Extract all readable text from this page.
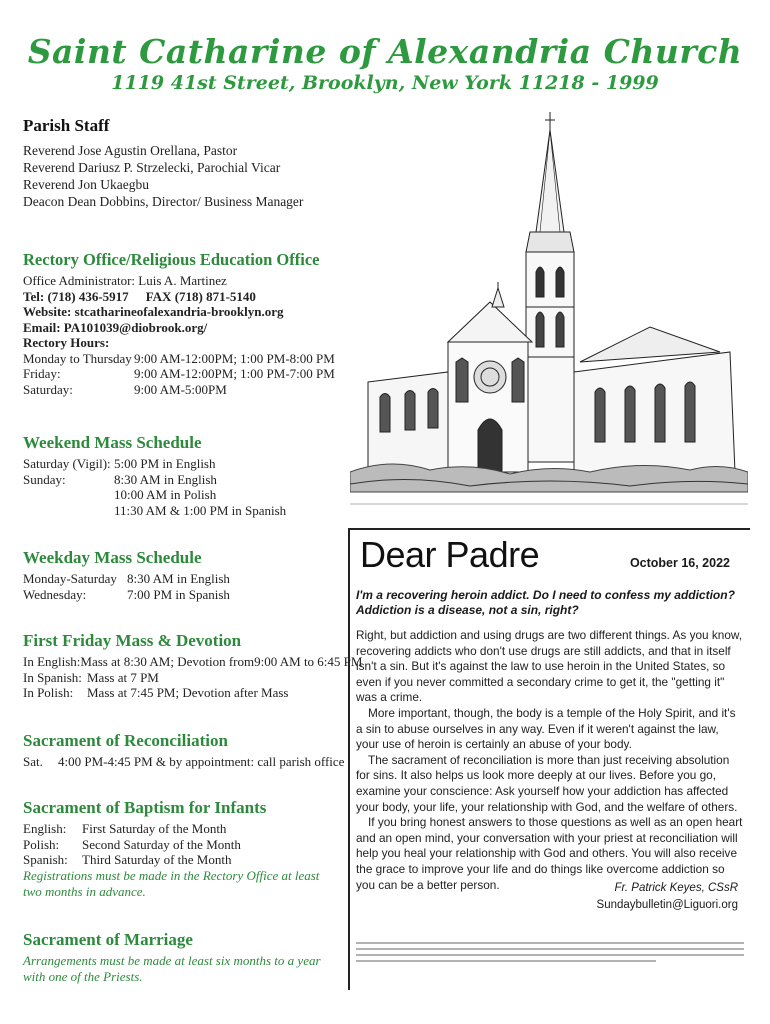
Saint Catharine of Alexandria Church
1119 41st Street, Brooklyn, New York 11218 - 1999
Parish Staff
Reverend Jose Agustin Orellana, Pastor
Reverend Dariusz P. Strzelecki, Parochial Vicar
Reverend Jon Ukaegbu
Deacon Dean Dobbins, Director/ Business Manager
Rectory Office/Religious Education Office
Office Administrator: Luis A. Martinez
Tel: (718) 436-5917 FAX (718) 871-5140
Website: stcatharineofalexandria-brooklyn.org
Email: PA101039@diobrook.org/
Rectory Hours:
Monday to Thursday 9:00 AM-12:00PM; 1:00 PM-8:00 PM
Friday:	9:00 AM-12:00PM; 1:00 PM-7:00 PM
Saturday:	9:00 AM-5:00PM
Weekend Mass Schedule
Saturday (Vigil): 5:00 PM in English
Sunday:	8:30 AM in English
10:00 AM in Polish
11:30 AM & 1:00 PM in Spanish
Weekday Mass Schedule
Monday-Saturday 8:30 AM in English
Wednesday:	7:00 PM in Spanish
First Friday Mass & Devotion
In English: Mass at 8:30 AM; Devotion from9:00 AM to 6:45 PM
In Spanish: Mass at 7 PM
In Polish:	Mass at 7:45 PM; Devotion after Mass
Sacrament of Reconciliation
Sat.	4:00 PM-4:45 PM & by appointment: call parish office
Sacrament of Baptism for Infants
English:	First Saturday of the Month
Polish:	Second Saturday of the Month
Spanish:	Third Saturday of the Month
Registrations must be made in the Rectory Office at least two months in advance.
Sacrament of Marriage
Arrangements must be made at least six months to a year with one of the Priests.
Dear Padre	October 16, 2022
I'm a recovering heroin addict. Do I need to confess my addiction? Addiction is a disease, not a sin, right?

Right, but addiction and using drugs are two different things. As you know, recovering addicts who don't use drugs are still addicts, and that in itself isn't a sin. But it's against the law to use heroin in the United States, so even if you never committed a secondary crime to get it, the "getting it" was a crime.

More important, though, the body is a temple of the Holy Spirit, and it's a sin to abuse ourselves in any way. Even if it weren't against the law, your use of heroin is certainly an abuse of your body.

The sacrament of reconciliation is more than just receiving absolution for sins. It also helps us look more deeply at our lives. Before you go, examine your conscience: Ask yourself how your addiction has affected your body, your life, your relationship with God, and the welfare of others.

If you bring honest answers to those questions as well as an open heart and an open mind, your conversation with your priest at reconciliation will help you heal your relationship with God and others. You will also receive the grace to improve your life and do things like overcome addiction so you can be a better person.	Fr. Patrick Keyes, CSsR
Sundaybulletin@Liguori.org
